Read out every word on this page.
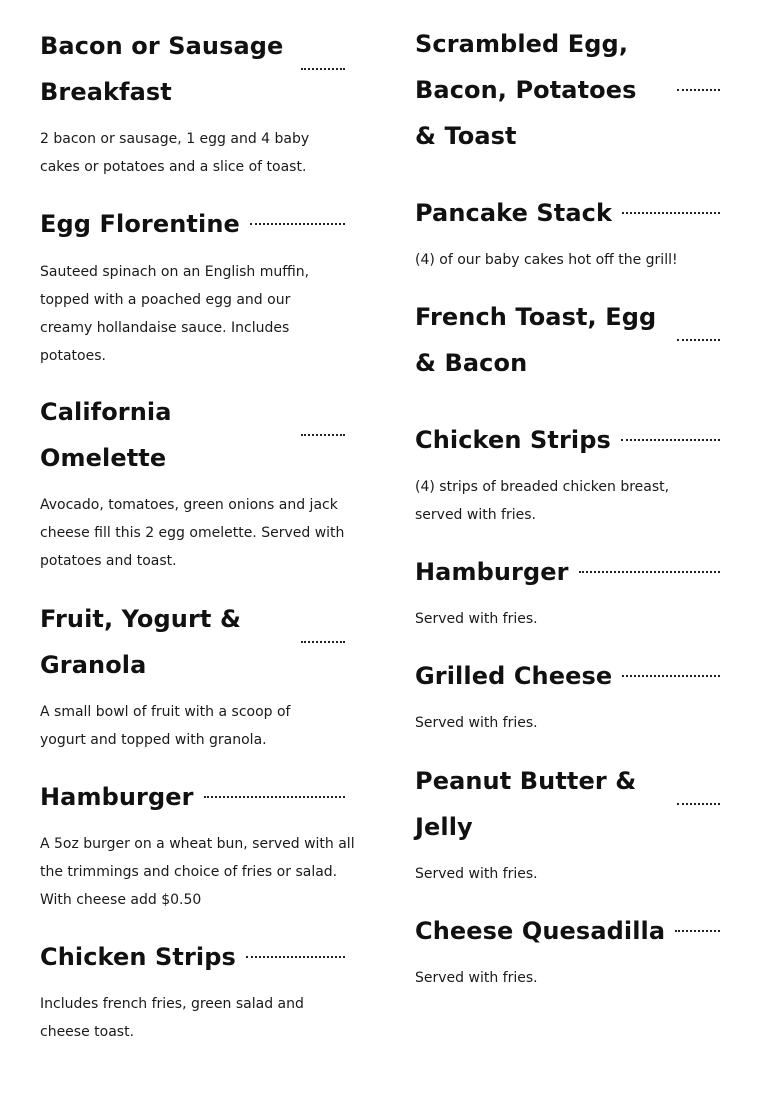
Bacon or Sausage Breakfast

2 bacon or sausage, 1 egg and 4 baby cakes or potatoes and a slice of toast.

Egg Florentine

Sauteed spinach on an English muffin, topped with a poached egg and our creamy hollandaise sauce. Includes potatoes.

California Omelette

Avocado, tomatoes, green onions and jack cheese fill this 2 egg omelette. Served with potatoes and toast.

Fruit, Yogurt & Granola

A small bowl of fruit with a scoop of yogurt and topped with granola.

Hamburger

A 5oz burger on a wheat bun, served with all the trimmings and choice of fries or salad. With cheese add $0.50

Chicken Strips

Includes french fries, green salad and cheese toast.

Scrambled Egg, Bacon, Potatoes & Toast
Pancake Stack

(4) of our baby cakes hot off the grill!

French Toast, Egg & Bacon
Chicken Strips

(4) strips of breaded chicken breast, served with fries.

Hamburger

Served with fries.

Grilled Cheese

Served with fries.

Peanut Butter & Jelly

Served with fries.

Cheese Quesadilla

Served with fries.
